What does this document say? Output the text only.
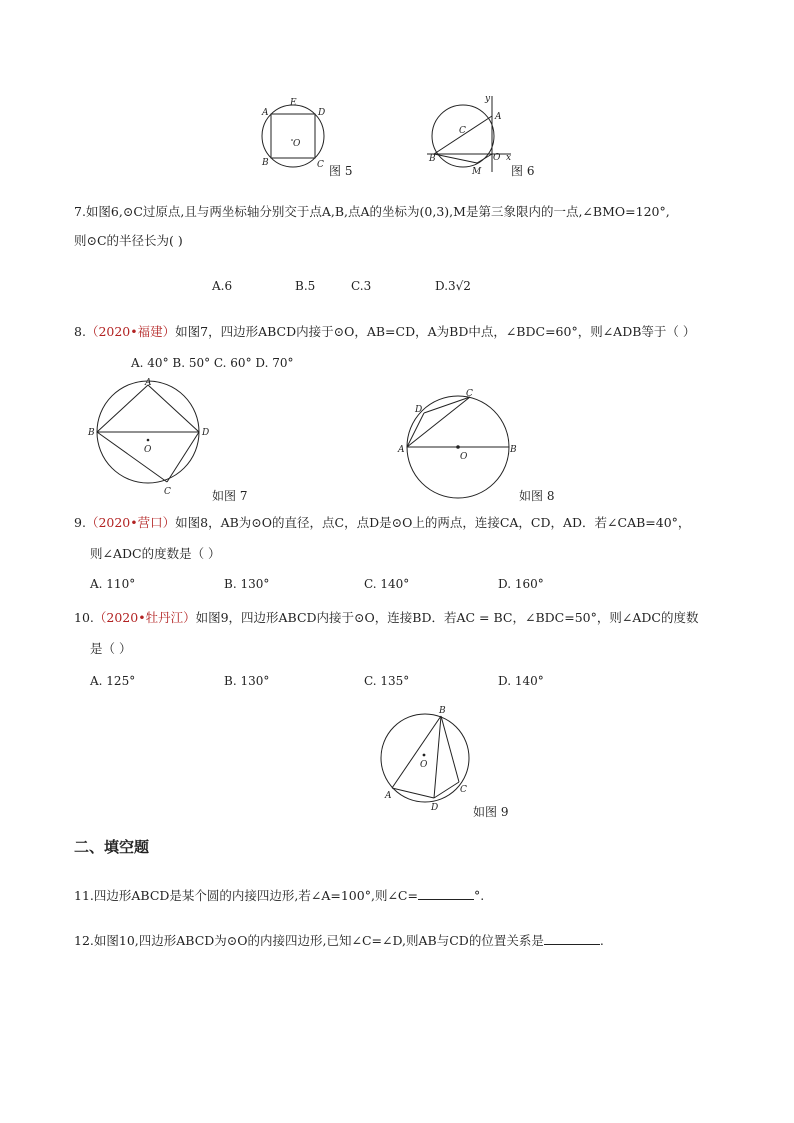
A
E
D
B	C
O
图 5
y
A
C
B	O x
M 图 6
7.如图6,⊙C过原点,且与两坐标轴分别交于点A,B,点A的坐标为(0,3),M是第三象限内的一点,∠BMO=120°,
则⊙C的半径长为( )
A.6	B.5	C.3	D.3√2
8.（2020•福建）如图7，四边形ABCD内接于⊙O，AB=CD，A为BD中点，∠BDC=60°，则∠ADB等于（ ）
A. 40° B. 50° C. 60° D. 70°
A
B	D
O
C	如图 7
D
C
A
O
B
如图 8
9.（2020•营口）如图8，AB为⊙O的直径，点C，点D是⊙O上的两点，连接CA，CD，AD．若∠CAB=40°，
则∠ADC的度数是（ ）
A. 110°	B. 130°	C. 140°	D. 160°
10.（2020•牡丹江）如图9，四边形ABCD内接于⊙O，连接BD．若AC = BC，∠BDC=50°，则∠ADC的度数
是（ ）
A. 125°	B. 130°	C. 135°	D. 140°
B
O
A
D
C
如图 9
二、填空题
11.四边形ABCD是某个圆的内接四边形,若∠A=100°,则∠C=	°.
12.如图10,四边形ABCD为⊙O的内接四边形,已知∠C=∠D,则AB与CD的位置关系是	.
